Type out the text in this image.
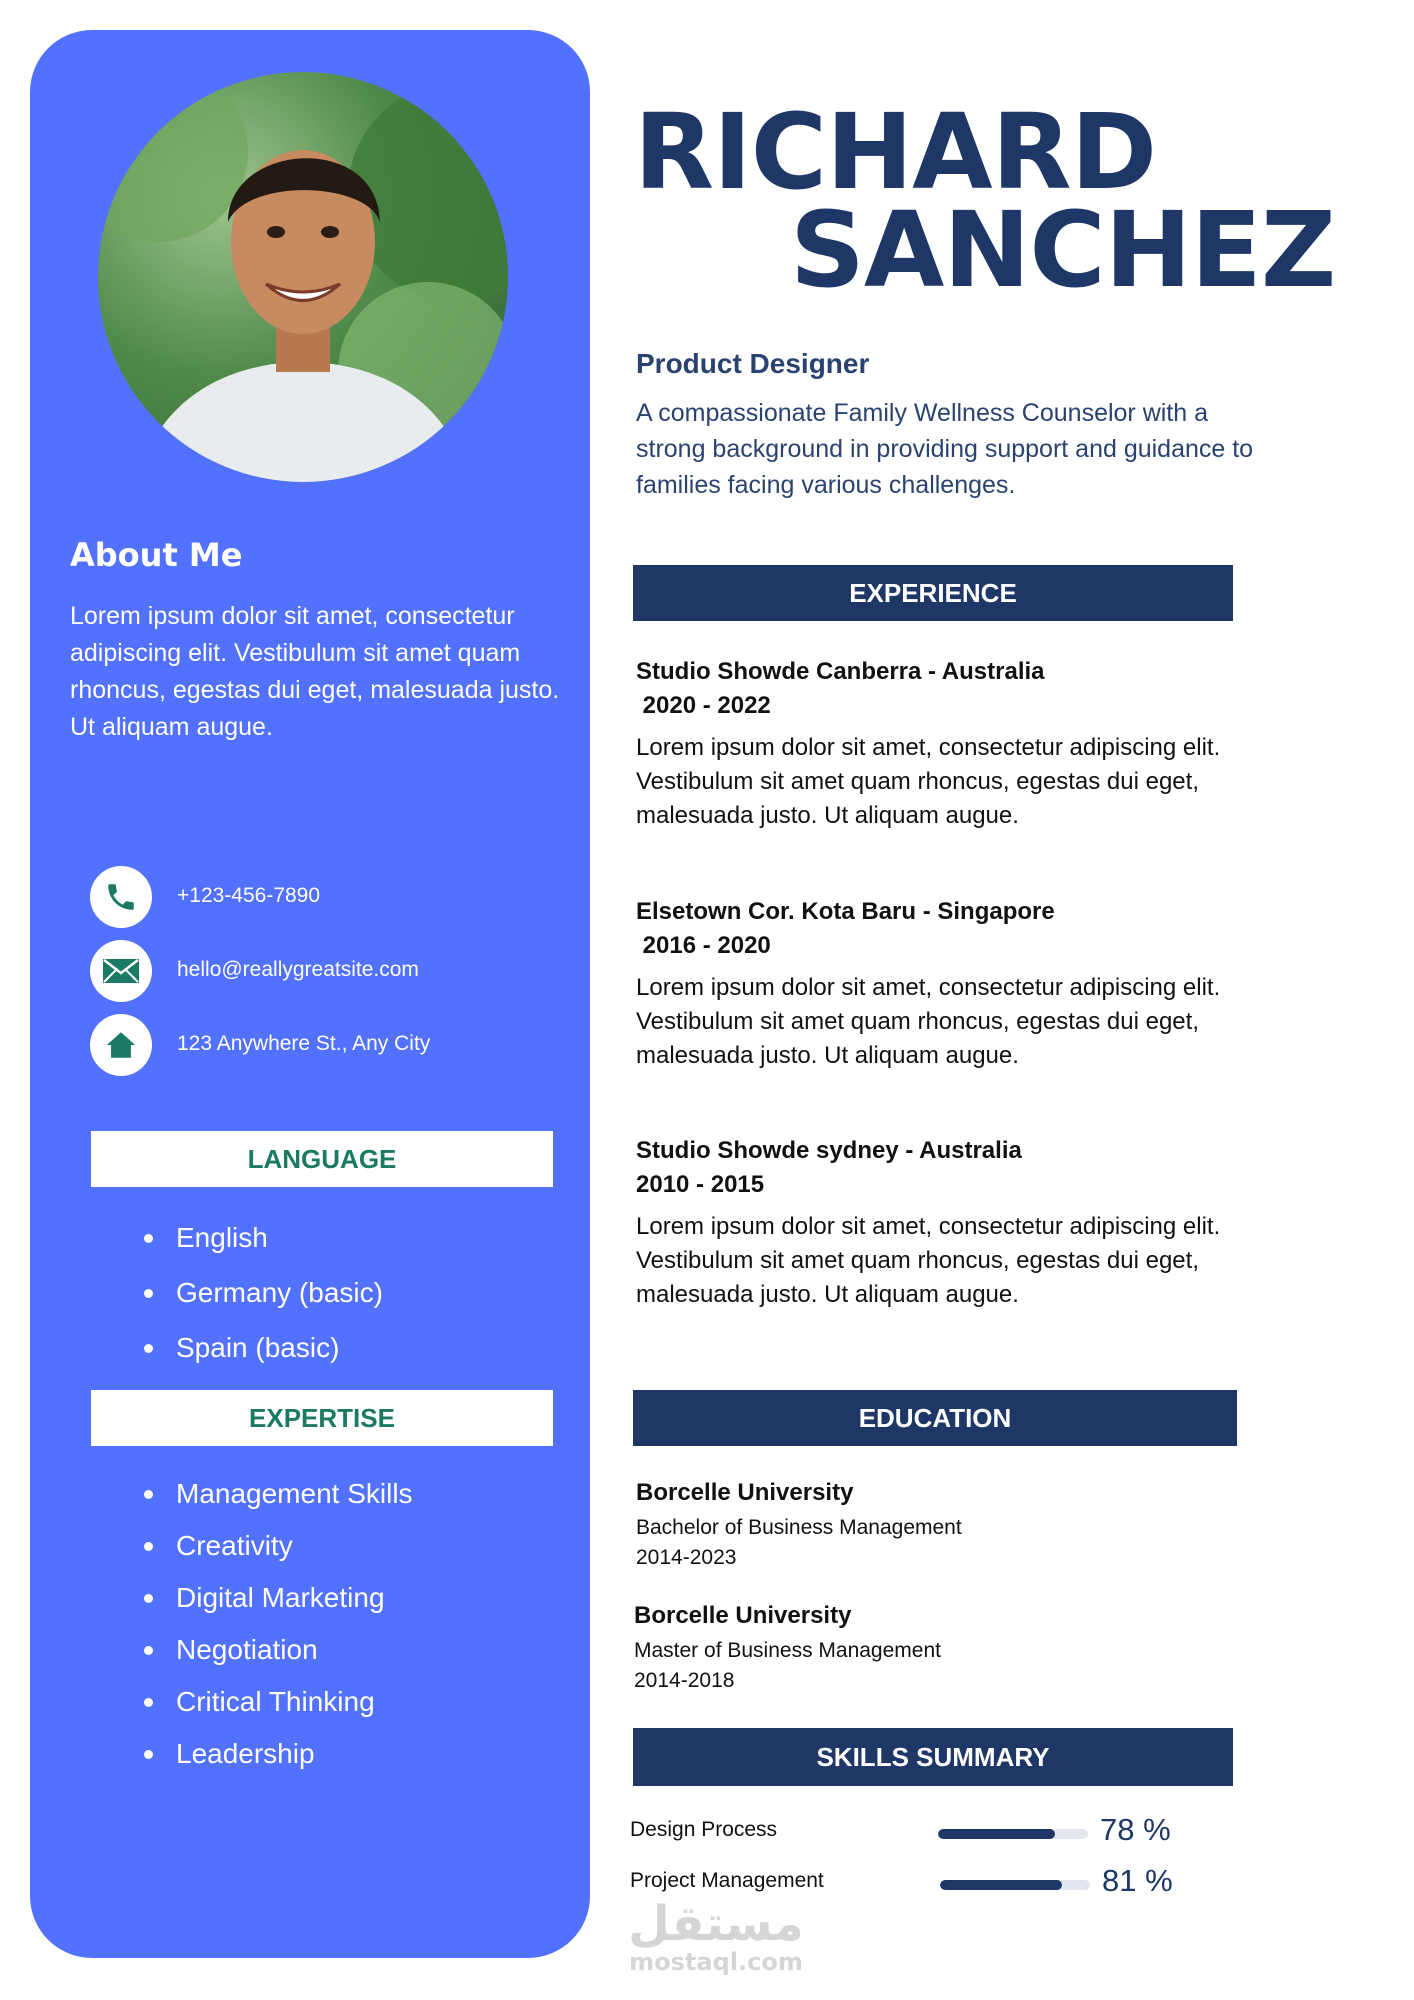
About Me
Lorem ipsum dolor sit amet, consectetur adipiscing elit. Vestibulum sit amet quam rhoncus, egestas dui eget, malesuada justo. Ut aliquam augue.
+123-456-7890
hello@reallygreatsite.com
123 Anywhere St., Any City
LANGUAGE
English
Germany (basic)
Spain (basic)
EXPERTISE
Management Skills
Creativity
Digital Marketing
Negotiation
Critical Thinking
Leadership
RICHARD
SANCHEZ
Product Designer
A compassionate Family Wellness Counselor with a strong background in providing support and guidance to families facing various challenges.
EXPERIENCE
Studio Showde Canberra - Australia
2020 - 2022
Lorem ipsum dolor sit amet, consectetur adipiscing elit. Vestibulum sit amet quam rhoncus, egestas dui eget, malesuada justo. Ut aliquam augue.
Elsetown Cor. Kota Baru - Singapore
2016 - 2020
Lorem ipsum dolor sit amet, consectetur adipiscing elit. Vestibulum sit amet quam rhoncus, egestas dui eget, malesuada justo. Ut aliquam augue.
Studio Showde sydney - Australia
2010 - 2015
Lorem ipsum dolor sit amet, consectetur adipiscing elit. Vestibulum sit amet quam rhoncus, egestas dui eget, malesuada justo. Ut aliquam augue.
EDUCATION
Borcelle University
Bachelor of Business Management
2014-2023
Borcelle University
Master of Business Management
2014-2018
SKILLS SUMMARY
Design Process	78 %
Project Management	81 %
مستقل
mostaql.com
